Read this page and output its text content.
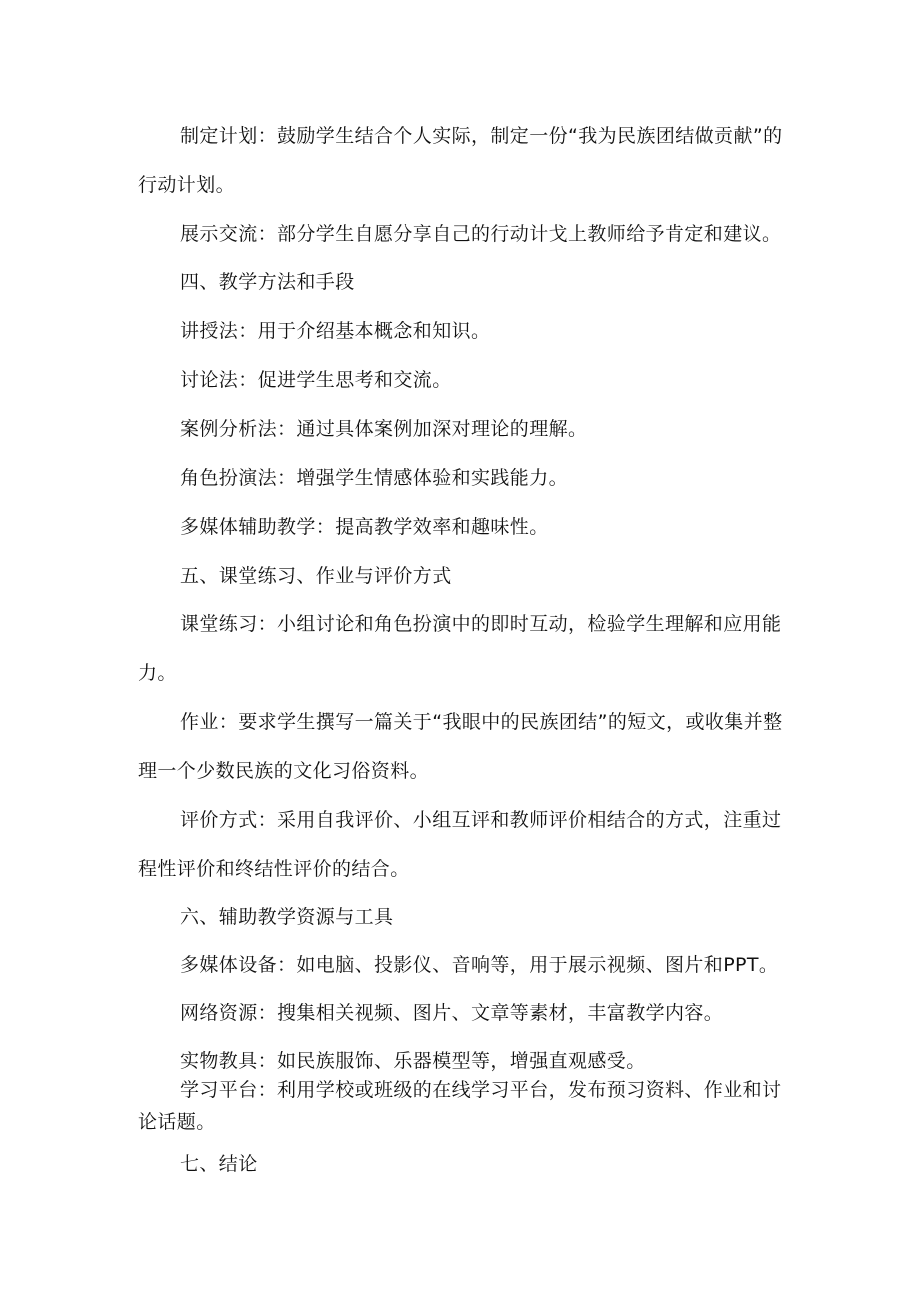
制定计划：鼓励学生结合个人实际，制定一份“我为民族团结做贡献”的行动计划。

展示交流：部分学生自愿分享自己的行动计戈上教师给予肯定和建议。

四、教学方法和手段

讲授法：用于介绍基本概念和知识。

讨论法：促进学生思考和交流。

案例分析法：通过具体案例加深对理论的理解。

角色扮演法：增强学生情感体验和实践能力。

多媒体辅助教学：提高教学效率和趣味性。

五、课堂练习、作业与评价方式

课堂练习：小组讨论和角色扮演中的即时互动，检验学生理解和应用能力。

作业：要求学生撰写一篇关于“我眼中的民族团结”的短文，或收集并整理一个少数民族的文化习俗资料。

评价方式：采用自我评价、小组互评和教师评价相结合的方式，注重过程性评价和终结性评价的结合。

六、辅助教学资源与工具

多媒体设备：如电脑、投影仪、音响等，用于展示视频、图片和PPT。

网络资源：搜集相关视频、图片、文章等素材，丰富教学内容。

实物教具：如民族服饰、乐器模型等，增强直观感受。

学习平台：利用学校或班级的在线学习平台，发布预习资料、作业和讨论话题。

七、结论
